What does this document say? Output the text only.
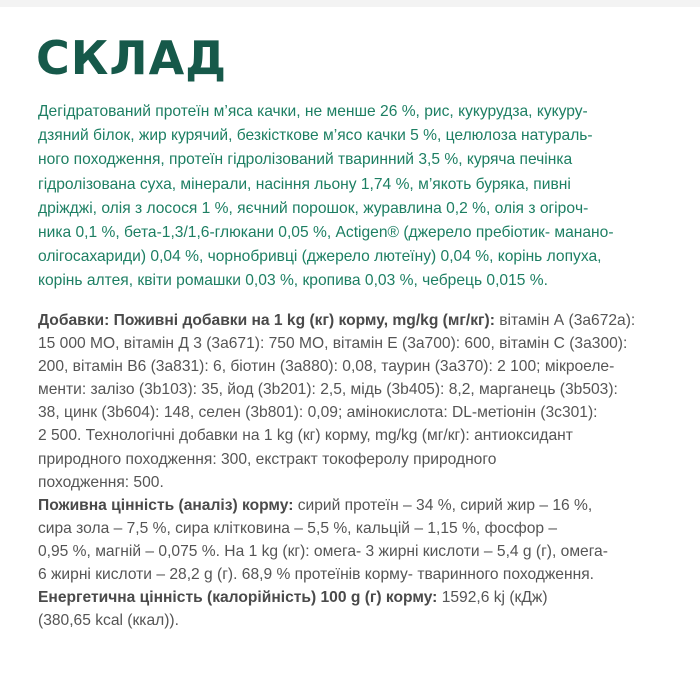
СКЛАД

Дегідратований протеїн м’яса качки, не менше 26 %, рис, кукурудза, кукуру-
дзяний білок, жир курячий, безкісткове м’ясо качки 5 %, целюлоза натураль-
ного походження, протеїн гідролізований тваринний 3,5 %, куряча печінка
гідролізована суха, мінерали, насіння льону 1,74 %, м’якоть буряка, пивні
дріжджі, олія з лосося 1 %, яєчний порошок, журавлина 0,2 %, олія з огірoч-
ника 0,1 %, бета-1,3/1,6-глюкани 0,05 %, Actigen® (джерело пребіотик- мананo-
олігосахариди) 0,04 %, чорнобривці (джерело лютеїну) 0,04 %, корінь лопуха,
корінь алтея, квіти ромашки 0,03 %, кропива 0,03 %, чебрець 0,015 %.

Добавки: Поживні добавки на 1 kg (кг) корму, mg/kg (мг/кг): вітамін А (3а672а):
15 000 МО, вітамін Д 3 (3а671): 750 МО, вітамін Е (3а700): 600, вітамін С (3а300):
200, вітамін В6 (3а831): 6, біотин (3а880): 0,08, таурин (3а370): 2 100; мікроеле-
менти: залізо (3b103): 35, йод (3b201): 2,5, мідь (3b405): 8,2, марганець (3b503):
38, цинк (3b604): 148, селен (3b801): 0,09; амінокислота: DL-метіонін (3c301):
2 500. Технологічні добавки на 1 kg (кг) корму, mg/kg (мг/кг): антиоксидант
природного походження: 300, екстракт токоферолу природного
походження: 500.
Поживна цінність (аналіз) корму: сирий протеїн – 34 %, сирий жир – 16 %,
сира зола – 7,5 %, сира клітковина – 5,5 %, кальцій – 1,15 %, фосфор –
0,95 %, магній – 0,075 %. На 1 kg (кг): омега- 3 жирні кислоти – 5,4 g (г), омега-
6 жирні кислоти – 28,2 g (г). 68,9 % протеїнів корму- тваринного походження.
Енергетична цінність (калорійність) 100 g (г) корму: 1592,6 kj (кДж)
(380,65 kcal (ккал)).
